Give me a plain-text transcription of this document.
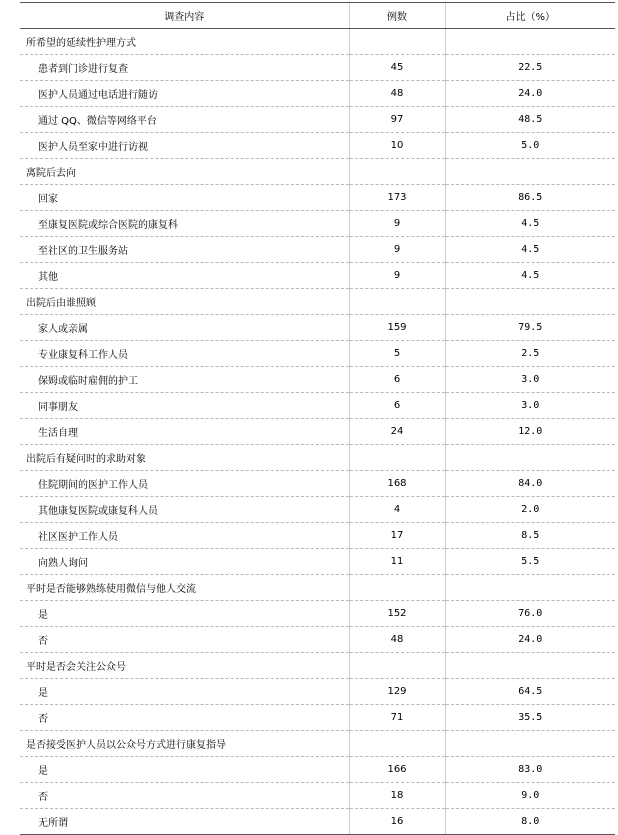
调查内容	例数	占比（%）
所希望的延续性护理方式		
患者到门诊进行复查	45	22.5
医护人员通过电话进行随访	48	24.0
通过 QQ、微信等网络平台	97	48.5
医护人员至家中进行访视	10	5.0
离院后去向		
回家	173	86.5
至康复医院或综合医院的康复科	9	4.5
至社区的卫生服务站	9	4.5
其他	9	4.5
出院后由谁照顾		
家人或亲属	159	79.5
专业康复科工作人员	5	2.5
保姆或临时雇佣的护工	6	3.0
同事朋友	6	3.0
生活自理	24	12.0
出院后有疑问时的求助对象		
住院期间的医护工作人员	168	84.0
其他康复医院或康复科人员	4	2.0
社区医护工作人员	17	8.5
向熟人询问	11	5.5
平时是否能够熟练使用微信与他人交流		
是	152	76.0
否	48	24.0
平时是否会关注公众号		
是	129	64.5
否	71	35.5
是否接受医护人员以公众号方式进行康复指导		
是	166	83.0
否	18	9.0
无所谓	16	8.0
